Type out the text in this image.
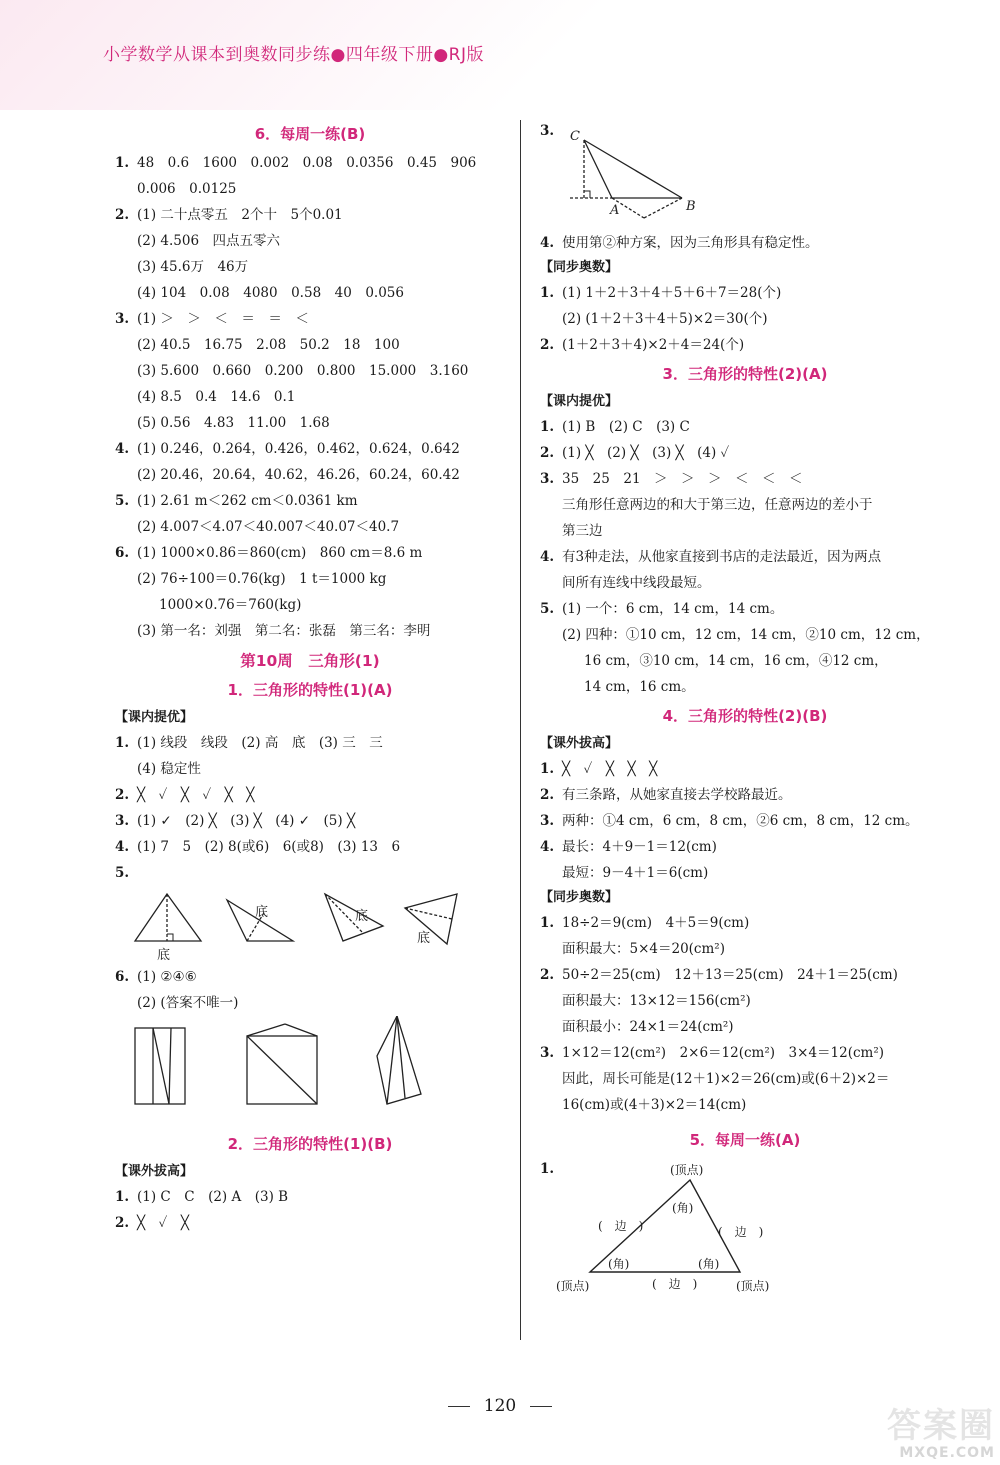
小学数学从课本到奥数同步练●四年级下册●RJ版
6．每周一练(B)
1. 48　0.6　1600　0.002　0.08　0.0356　0.45　906
0.006　0.0125
2. (1) 二十点零五　2个十　5个0.01
(2) 4.506　四点五零六
(3) 45.6万　46万
(4) 104　0.08　4080　0.58　40　0.056
3. (1) ＞　＞　＜　＝　＝　＜
(2) 40.5　16.75　2.08　50.2　18　100
(3) 5.600　0.660　0.200　0.800　15.000　3.160
(4) 8.5　0.4　14.6　0.1
(5) 0.56　4.83　11.00　1.68
4. (1) 0.246，0.264，0.426，0.462，0.624，0.642
(2) 20.46，20.64，40.62，46.26，60.24，60.42
5. (1) 2.61 m＜262 cm＜0.0361 km
(2) 4.007＜4.07＜40.007＜40.07＜40.7
6. (1) 1000×0.86＝860(cm)　860 cm＝8.6 m
(2) 76÷100＝0.76(kg)　1 t＝1000 kg
1000×0.76＝760(kg)
(3) 第一名：刘强　第二名：张磊　第三名：李明
第10周　三角形(1)
1．三角形的特性(1)(A)
【课内提优】
1. (1) 线段　线段　(2) 高　底　(3) 三　三
(4) 稳定性
2. ╳　✓　╳　✓　╳　╳
3. (1) ✓　(2) ╳　(3) ╳　(4) ✓　(5) ╳
4. (1) 7　5　(2) 8(或6)　6(或8)　(3) 13　6
5.
底
底	底
底
6. (1) ②④⑥
(2) (答案不唯一)
2．三角形的特性(1)(B)
【课外拔高】
1. (1) C　C　(2) A　(3) B
2. ╳　✓　╳
3.	C
A	B
4. 使用第②种方案，因为三角形具有稳定性。
【同步奥数】
1. (1) 1＋2＋3＋4＋5＋6＋7＝28(个)
(2) (1＋2＋3＋4＋5)×2＝30(个)
2. (1＋2＋3＋4)×2＋4＝24(个)
3．三角形的特性(2)(A)
【课内提优】
1. (1) B　(2) C　(3) C
2. (1) ╳　(2) ╳　(3) ╳　(4) ✓
3. 35　25　21　＞　＞　＞　＜　＜　＜
三角形任意两边的和大于第三边，任意两边的差小于
第三边
4. 有3种走法，从他家直接到书店的走法最近，因为两点
间所有连线中线段最短。
5. (1) 一个：6 cm，14 cm，14 cm。
(2) 四种：①10 cm，12 cm，14 cm，②10 cm，12 cm，
16 cm，③10 cm，14 cm，16 cm，④12 cm，
14 cm，16 cm。
4．三角形的特性(2)(B)
【课外拔高】
1. ╳　✓　╳　╳　╳
2. 有三条路，从她家直接去学校路最近。
3. 两种：①4 cm，6 cm，8 cm，②6 cm，8 cm，12 cm。
4. 最长：4＋9－1＝12(cm)
最短：9－4＋1＝6(cm)
【同步奥数】
1. 18÷2＝9(cm)　4＋5＝9(cm)
面积最大：5×4＝20(cm²)
2. 50÷2＝25(cm)　12＋13＝25(cm)　24＋1＝25(cm)
面积最大：13×12＝156(cm²)
面积最小：24×1＝24(cm²)
3. 1×12＝12(cm²)　2×6＝12(cm²)　3×4＝12(cm²)
因此，周长可能是(12＋1)×2＝26(cm)或(6＋2)×2＝
16(cm)或(4＋3)×2＝14(cm)
5．每周一练(A)
1.	(顶点)
(顶点)	(顶点)
(　边　)	(　边　)
(　边　)
(角)
(角)	(角)
120	答案圈
MXQE.COM
